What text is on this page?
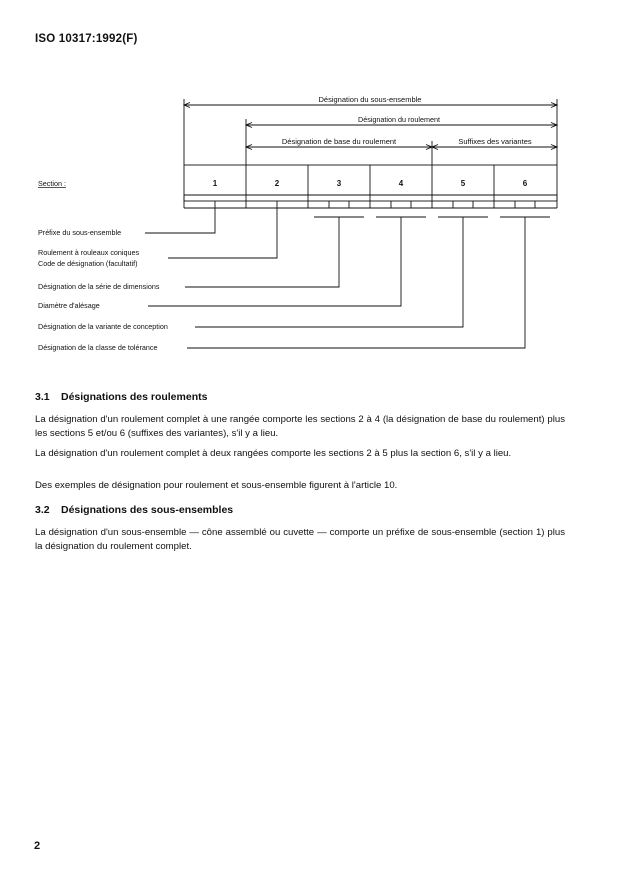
ISO 10317:1992(F)
Désignation du sous-ensemble
Désignation du roulement
Désignation de base du roulement	Suffixes des variantes
Section :	1	2	3	4	5	6
Préfixe du sous-ensemble
Roulement à rouleaux coniques
Code de désignation (facultatif)
Désignation de la série de dimensions
Diamètre d'alésage
Désignation de la variante de conception
Désignation de la classe de tolérance
3.1 Désignations des roulements
La désignation d'un roulement complet à une rangée comporte les sections 2 à 4 (la désignation de base du roulement) plus les sections 5 et/ou 6 (suffixes des variantes), s'il y a lieu.
La désignation d'un roulement complet à deux rangées comporte les sections 2 à 5 plus la section 6, s'il y a lieu.
Des exemples de désignation pour roulement et sous-ensemble figurent à l'article 10.
3.2 Désignations des sous-ensembles
La désignation d'un sous-ensemble — cône assemblé ou cuvette — comporte un préfixe de sous-ensemble (section 1) plus la désignation du roulement complet.
2
